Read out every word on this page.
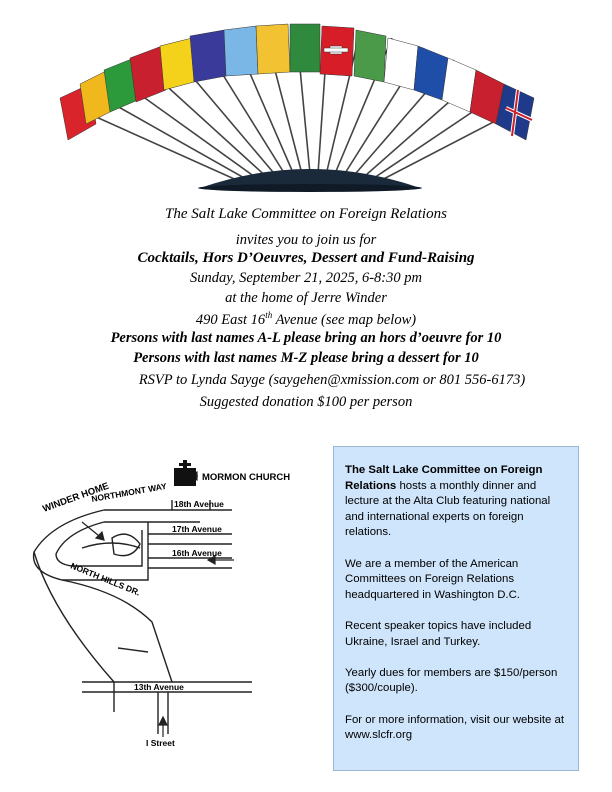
The Salt Lake Committee on Foreign Relations
invites you to join us for
Cocktails, Hors D’Oeuvres, Dessert and Fund-Raising
Sunday, September 21, 2025, 6-8:30 pm
at the home of Jerre Winder
490 East 16th Avenue (see map below)
Persons with last names A-L please bring an hors d’oeuvre for 10
Persons with last names M-Z please bring a dessert for 10
RSVP to Lynda Sayge (saygehen@xmission.com or 801 556-6173)
Suggested donation $100 per person
MORMON CHURCH
WINDER HOME
NORTHMONT WAY
18th Avenue
17th Avenue
16th Avenue
NORTH HILLS DR.
13th Avenue
I Street

The Salt Lake Committee on Foreign Relations hosts a monthly dinner and lecture at the Alta Club featuring national and international experts on foreign relations.

We are a member of the American Committees on Foreign Relations headquartered in Washington D.C.

Recent speaker topics have included Ukraine, Israel and Turkey.

Yearly dues for members are $150/person ($300/couple).

For or more information, visit our website at www.slcfr.org
